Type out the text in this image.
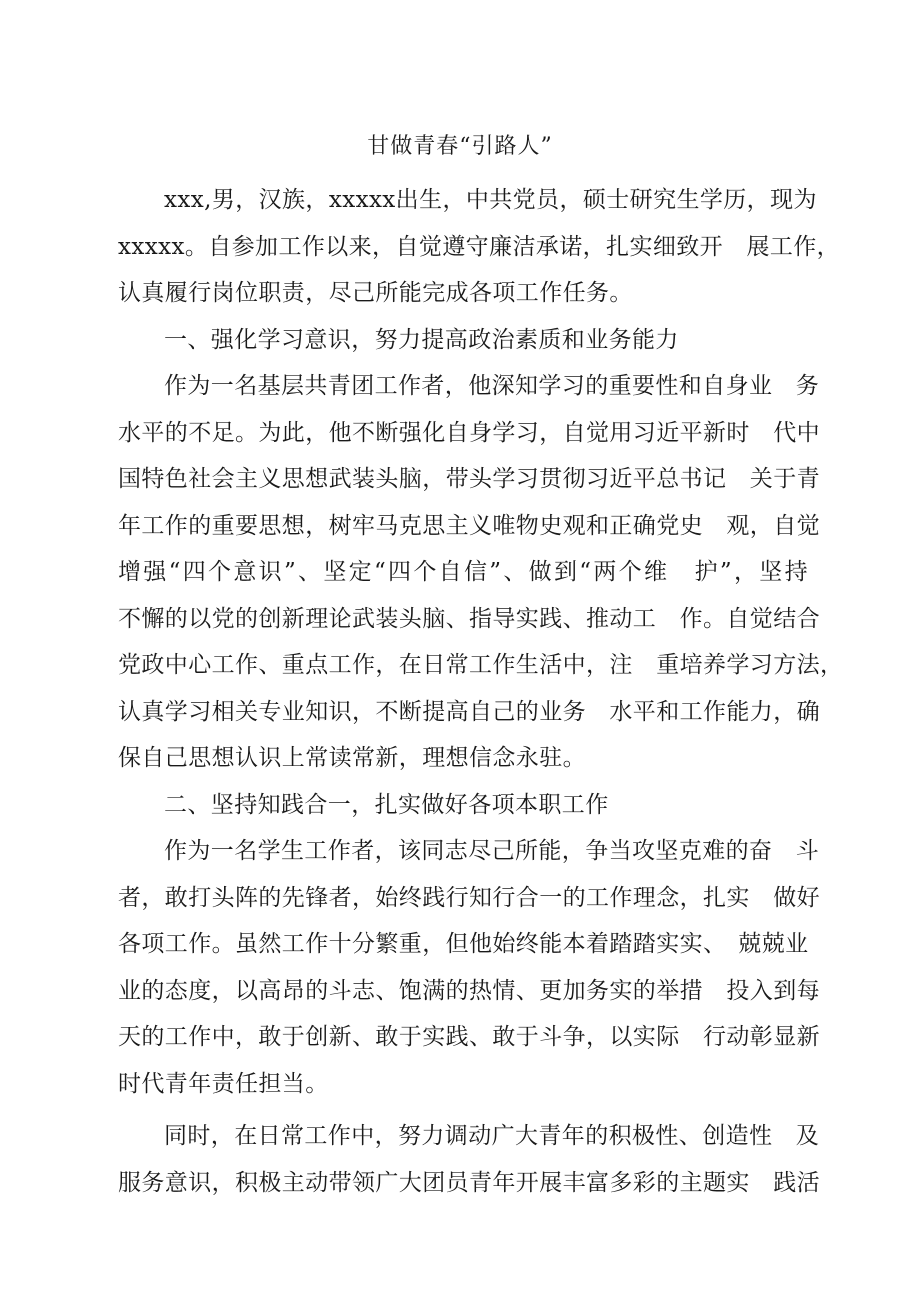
甘做青春“引路人”
xxx,男，汉族，xxxxx出生，中共党员，硕士研究生学历，现为
xxxxx。自参加工作以来，自觉遵守廉洁承诺，扎实细致开　展工作，
认真履行岗位职责，尽己所能完成各项工作任务。
一、强化学习意识，努力提高政治素质和业务能力
作为一名基层共青团工作者，他深知学习的重要性和自身业　务
水平的不足。为此，他不断强化自身学习，自觉用习近平新时　代中
国特色社会主义思想武装头脑，带头学习贯彻习近平总书记　关于青
年工作的重要思想，树牢马克思主义唯物史观和正确党史　观，自觉
增强“四个意识”、坚定“四个自信”、做到“两个维　护”，坚持
不懈的以党的创新理论武装头脑、指导实践、推动工　作。自觉结合
党政中心工作、重点工作，在日常工作生活中，注　重培养学习方法，
认真学习相关专业知识，不断提高自己的业务　水平和工作能力，确
保自己思想认识上常读常新，理想信念永驻。
二、坚持知践合一，扎实做好各项本职工作
作为一名学生工作者，该同志尽己所能，争当攻坚克难的奋　斗
者，敢打头阵的先锋者，始终践行知行合一的工作理念，扎实　做好
各项工作。虽然工作十分繁重，但他始终能本着踏踏实实、　兢兢业
业的态度，以高昂的斗志、饱满的热情、更加务实的举措　投入到每
天的工作中，敢于创新、敢于实践、敢于斗争，以实际　行动彰显新
时代青年责任担当。
同时，在日常工作中，努力调动广大青年的积极性、创造性　及
服务意识，积极主动带领广大团员青年开展丰富多彩的主题实　践活
